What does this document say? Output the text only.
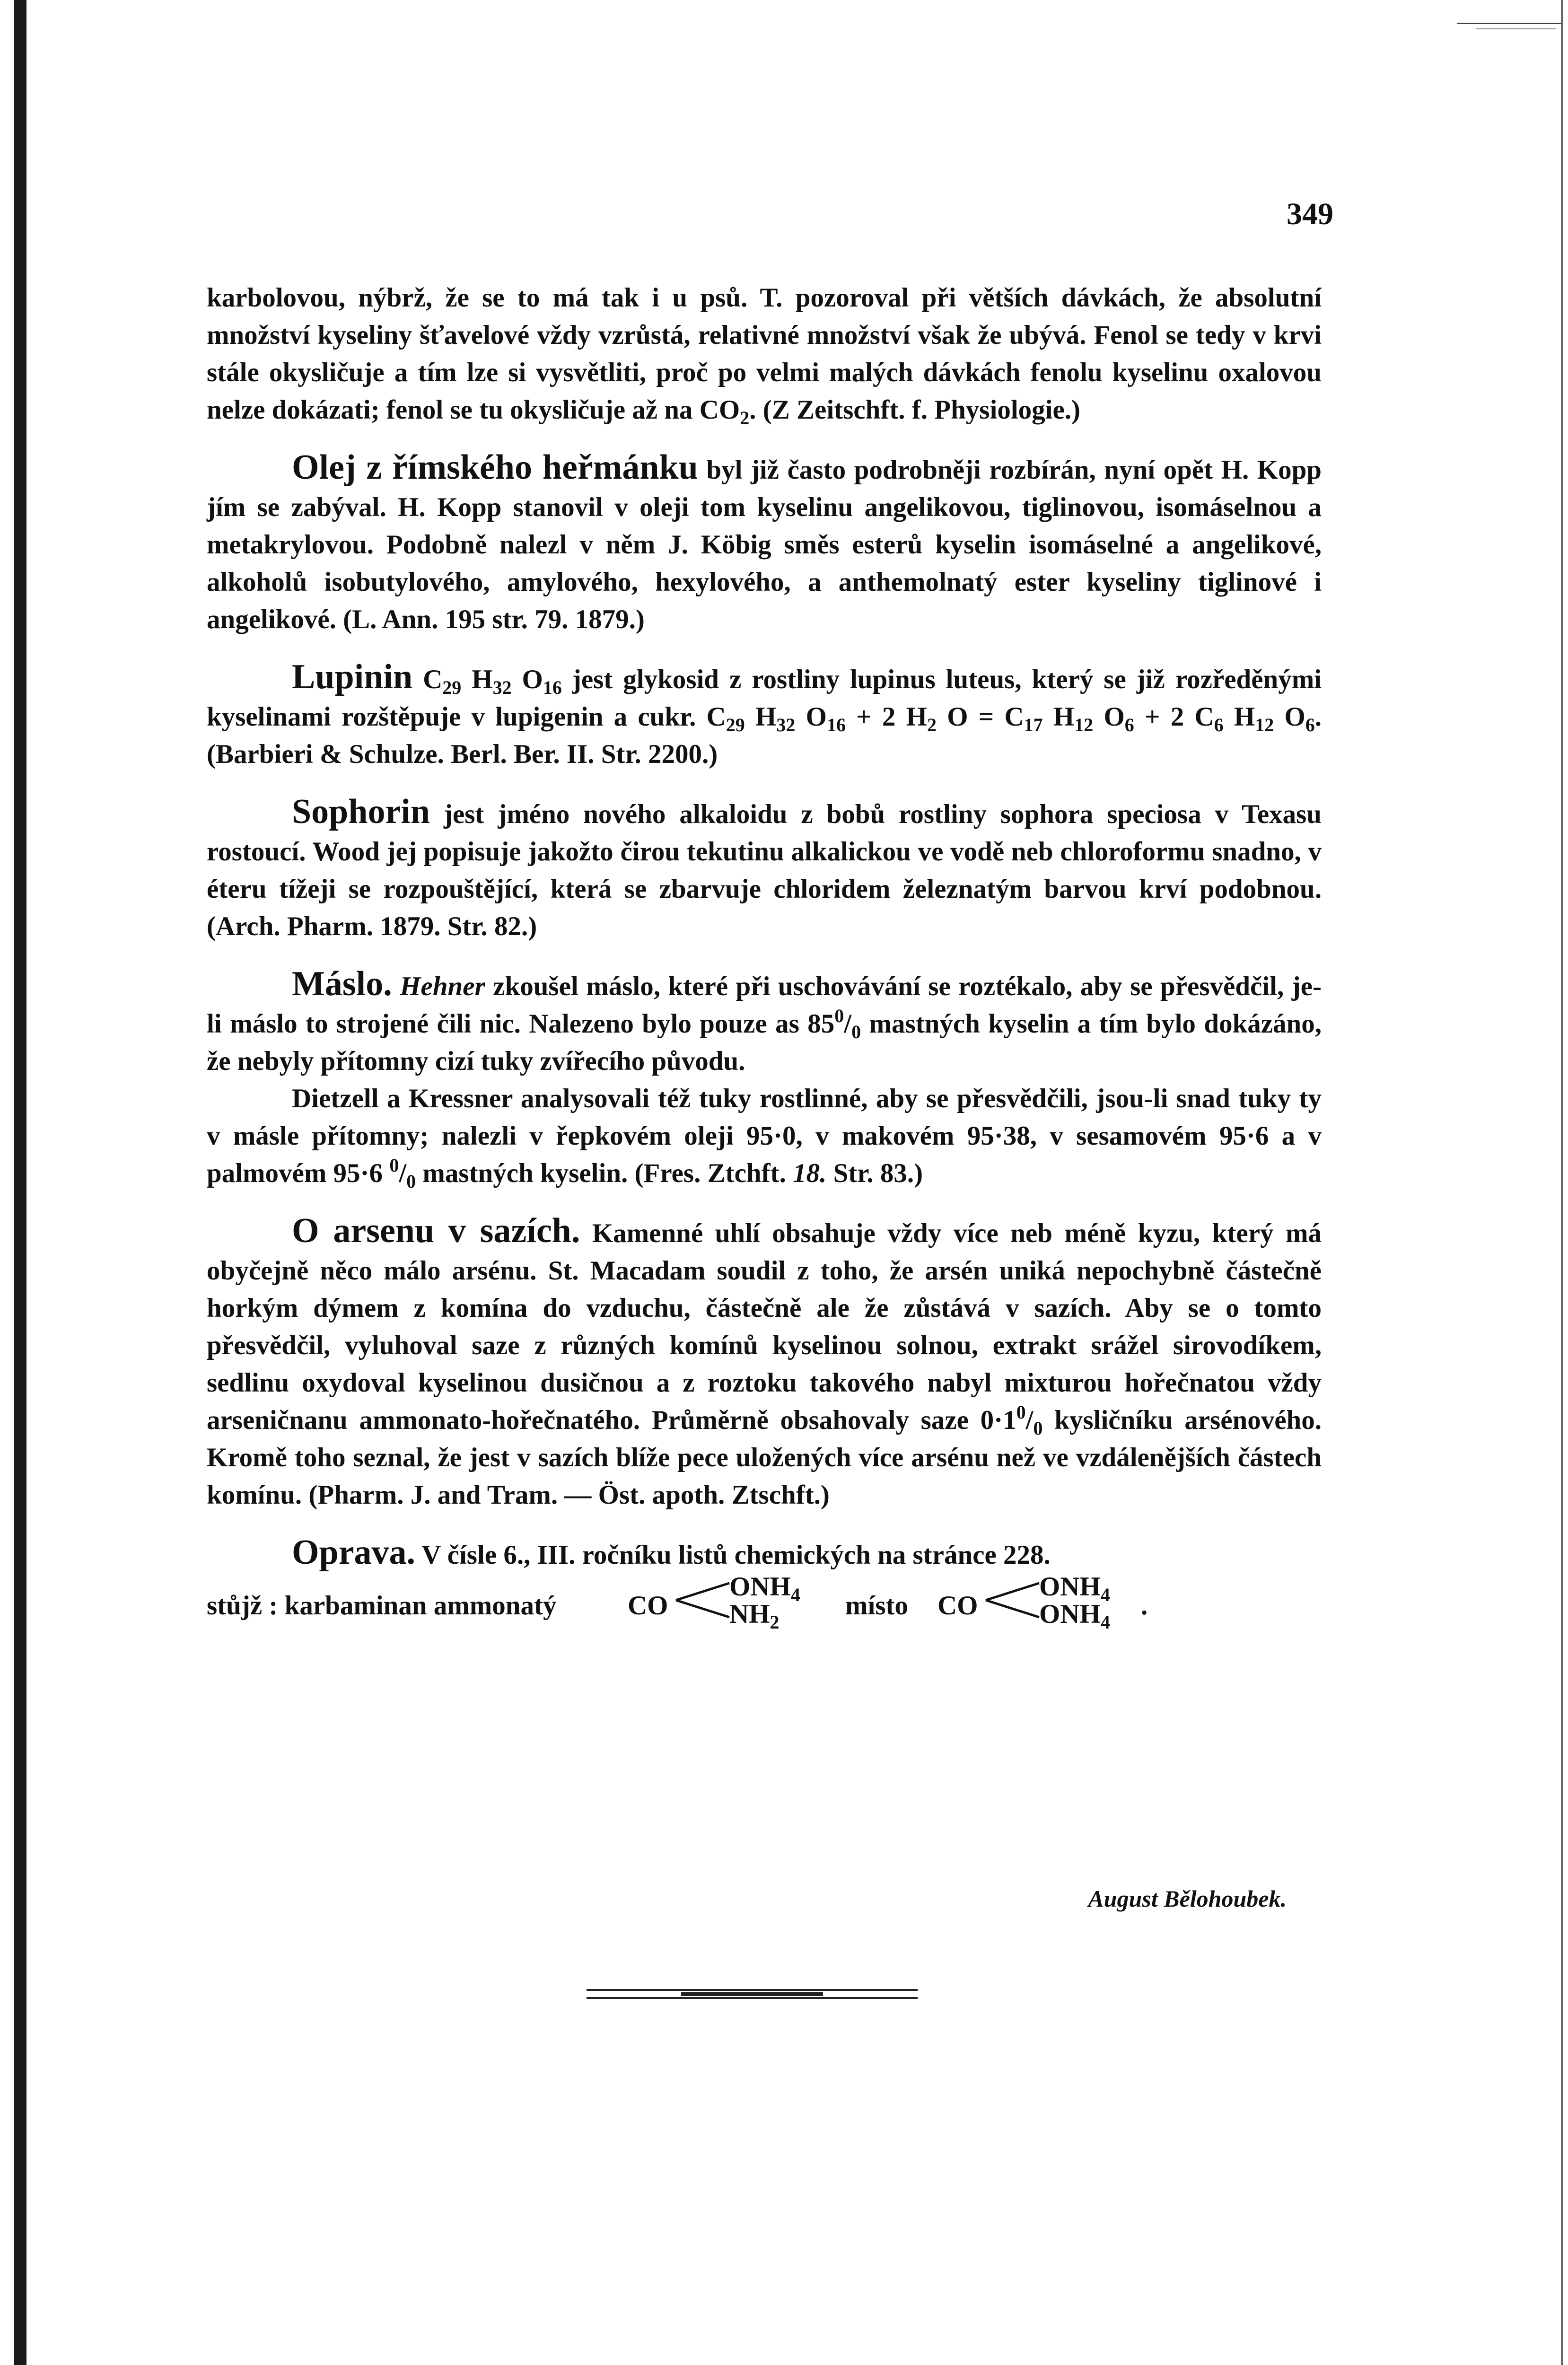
349

karbolovou, nýbrž, že se to má tak i u psů. T. pozoroval při větších dávkách, že absolutní množství kyseliny šťavelové vždy vzrůstá, relativné množství však že ubývá. Fenol se tedy v krvi stále okysličuje a tím lze si vysvětliti, proč po velmi malých dávkách fenolu kyselinu oxalovou nelze dokázati; fenol se tu okysličuje až na $CO_2$. (Z Zeitschft. f. Physiologie.)

Olej z římského heřmánku byl již často podrobněji rozbírán, nyní opět H. Kopp jím se zabýval. H. Kopp stanovil v oleji tom kyselinu angelikovou, tiglinovou, isomáselnou a metakrylovou. Podobně nalezl v něm J. Köbig směs esterů kyselin isomáselné a angelikové, alkoholů isobutylového, amylového, hexylového, a anthemolnatý ester kyseliny tiglinové i angelikové. (L. Ann. 195 str. 79. 1879.)

Lupinin $C_{29}$ $H_{32}$ $O_{16}$ jest glykosid z rostliny lupinus luteus, který se již rozředěnými kyselinami rozštěpuje v lupigenin a cukr. $C_{29}$ $H_{32}$ $O_{16} + 2$ $H_2$ $O = C_{17}$ $H_{12}$ $O_6 + 2$ $C_6$ $H_{12}$ $O_6$. (Barbieri & Schulze. Berl. Ber. II. Str. 2200.)

Sophorin jest jméno nového alkaloidu z bobů rostliny sophora speciosa v Texasu rostoucí. Wood jej popisuje jakožto čirou tekutinu alkalickou ve vodě neb chloroformu snadno, v éteru tížeji se rozpouštějící, která se zbarvuje chloridem železnatým barvou krví podobnou. (Arch. Pharm. 1879. Str. 82.)

Máslo. Hehner zkoušel máslo, které při uschovávání se roztékalo, aby se přesvědčil, je-li máslo to strojené čili nic. Nalezeno bylo pouze as $85^0/_0$ mastných kyselin a tím bylo dokázáno, že nebyly přítomny cizí tuky zvířecího původu.

Dietzell a Kressner analysovali též tuky rostlinné, aby se přesvědčili, jsou-li snad tuky ty v másle přítomny; nalezli v řepkovém oleji 95·0, v makovém 95·38, v sesamovém 95·6 a v palmovém 95·6 $^0/_0$ mastných kyselin. (Fres. Ztchft. 18. Str. 83.)

O arsenu v sazích. Kamenné uhlí obsahuje vždy více neb méně kyzu, který má obyčejně něco málo arsénu. St. Macadam soudil z toho, že arsén uniká nepochybně částečně horkým dýmem z komína do vzduchu, částečně ale že zůstává v sazích. Aby se o tomto přesvědčil, vyluhoval saze z různých komínů kyselinou solnou, extrakt srážel sirovodíkem, sedlinu oxydoval kyselinou dusičnou a z roztoku takového nabyl mixturou hořečnatou vždy arseničnanu ammonato-hořečnatého. Průměrně obsahovaly saze $0\cdot 1^0/_0$ kysličníku arsénového. Kromě toho seznal, že jest v sazích blíže pece uložených více arsénu než ve vzdálenějších částech komínu. (Pharm. J. and Tram. — Öst. apoth. Ztschft.)

Oprava. V čísle 6., III. ročníku listů chemických na stránce 228.

stůjž : karbaminan ammonatý	CO
$ONH_4$
$NH_2$
místo CO
$ONH_4$
$ONH_4$
.
August Bělohoubek.
